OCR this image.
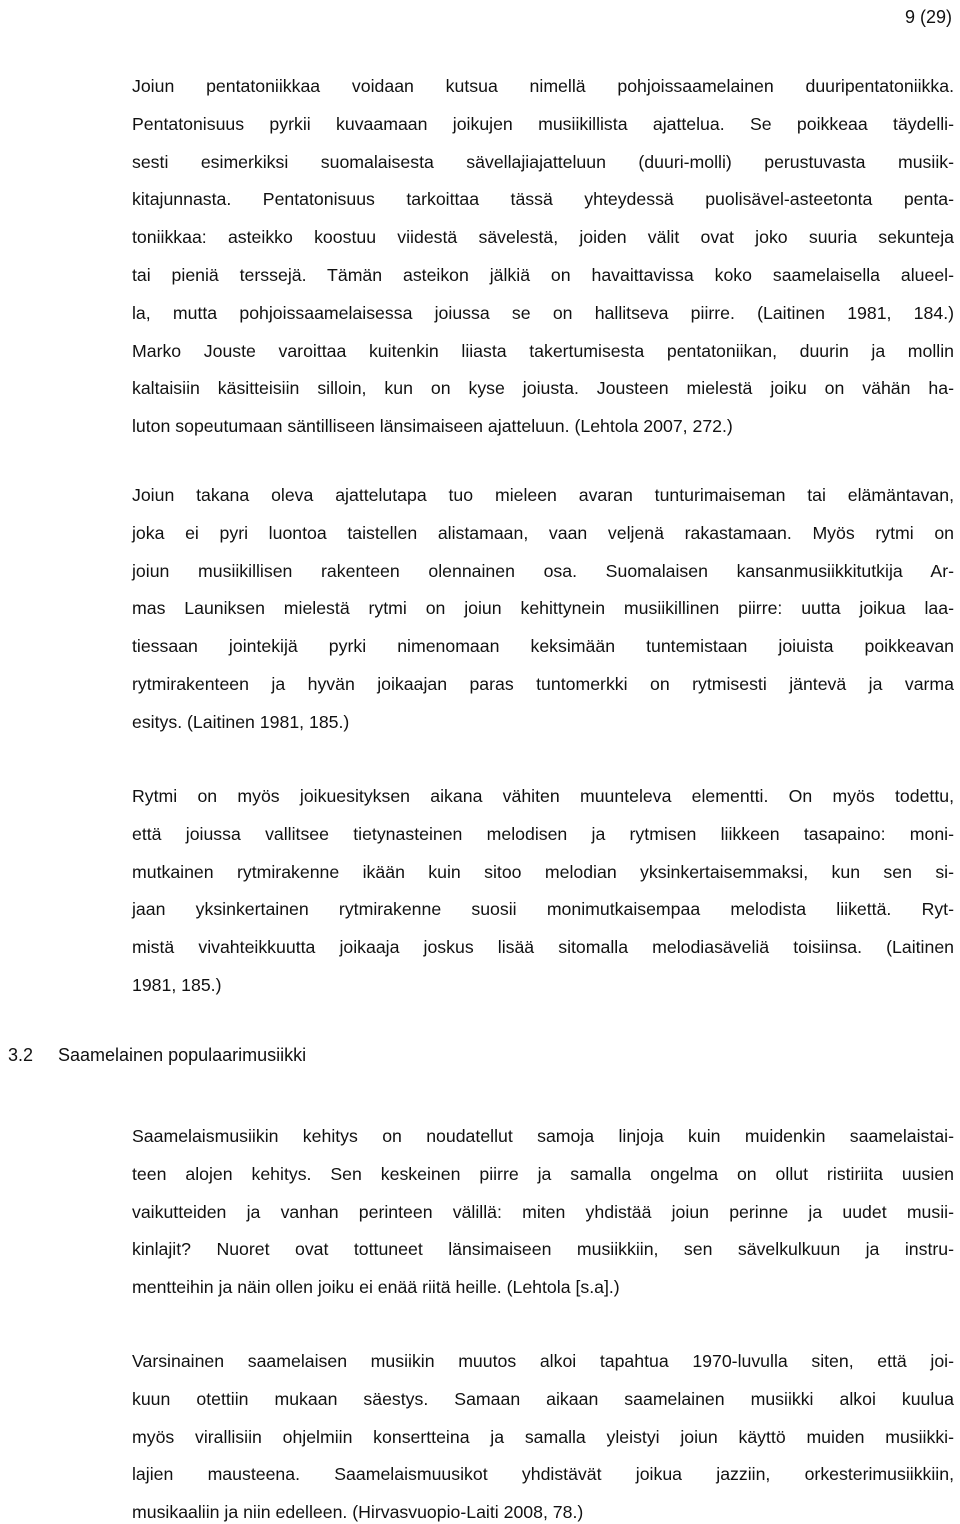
9 (29)
Joiun pentatoniikkaa voidaan kutsua nimellä pohjoissaamelainen duuripentatoniikka.
Pentatonisuus pyrkii kuvaamaan joikujen musiikillista ajattelua. Se poikkeaa täydelli-
sesti esimerkiksi suomalaisesta sävellajiajatteluun (duuri-molli) perustuvasta musiik-
kitajunnasta. Pentatonisuus tarkoittaa tässä yhteydessä puolisävel-asteetonta penta-
toniikkaa: asteikko koostuu viidestä sävelestä, joiden välit ovat joko suuria sekunteja
tai pieniä terssejä. Tämän asteikon jälkiä on havaittavissa koko saamelaisella alueel-
la, mutta pohjoissaamelaisessa joiussa se on hallitseva piirre. (Laitinen 1981, 184.)
Marko Jouste varoittaa kuitenkin liiasta takertumisesta pentatoniikan, duurin ja mollin
kaltaisiin käsitteisiin silloin, kun on kyse joiusta. Jousteen mielestä joiku on vähän ha-
luton sopeutumaan säntilliseen länsimaiseen ajatteluun. (Lehtola 2007, 272.)
Joiun takana oleva ajattelutapa tuo mieleen avaran tunturimaiseman tai elämäntavan,
joka ei pyri luontoa taistellen alistamaan, vaan veljenä rakastamaan. Myös rytmi on
joiun musiikillisen rakenteen olennainen osa. Suomalaisen kansanmusiikkitutkija Ar-
mas Launiksen mielestä rytmi on joiun kehittynein musiikillinen piirre: uutta joikua laa-
tiessaan jointekijä pyrki nimenomaan keksimään tuntemistaan joiuista poikkeavan
rytmirakenteen ja hyvän joikaajan paras tuntomerkki on rytmisesti jäntevä ja varma
esitys. (Laitinen 1981, 185.)
Rytmi on myös joikuesityksen aikana vähiten muunteleva elementti. On myös todettu,
että joiussa vallitsee tietynasteinen melodisen ja rytmisen liikkeen tasapaino: moni-
mutkainen rytmirakenne ikään kuin sitoo melodian yksinkertaisemmaksi, kun sen si-
jaan yksinkertainen rytmirakenne suosii monimutkaisempaa melodista liikettä. Ryt-
mistä vivahteikkuutta joikaaja joskus lisää sitomalla melodiasäveliä toisiinsa. (Laitinen
1981, 185.)
Saamelaismusiikin kehitys on noudatellut samoja linjoja kuin muidenkin saamelaistai-
teen alojen kehitys. Sen keskeinen piirre ja samalla ongelma on ollut ristiriita uusien
vaikutteiden ja vanhan perinteen välillä: miten yhdistää joiun perinne ja uudet musii-
kinlajit? Nuoret ovat tottuneet länsimaiseen musiikkiin, sen sävelkulkuun ja instru-
mentteihin ja näin ollen joiku ei enää riitä heille. (Lehtola [s.a].)
Varsinainen saamelaisen musiikin muutos alkoi tapahtua 1970-luvulla siten, että joi-
kuun otettiin mukaan säestys. Samaan aikaan saamelainen musiikki alkoi kuulua
myös virallisiin ohjelmiin konsertteina ja samalla yleistyi joiun käyttö muiden musiikki-
lajien mausteena. Saamelaismuusikot yhdistävät joikua jazziin, orkesterimusiikkiin,
musikaaliin ja niin edelleen. (Hirvasvuopio-Laiti 2008, 78.)
3.2 Saamelainen populaarimusiikki
